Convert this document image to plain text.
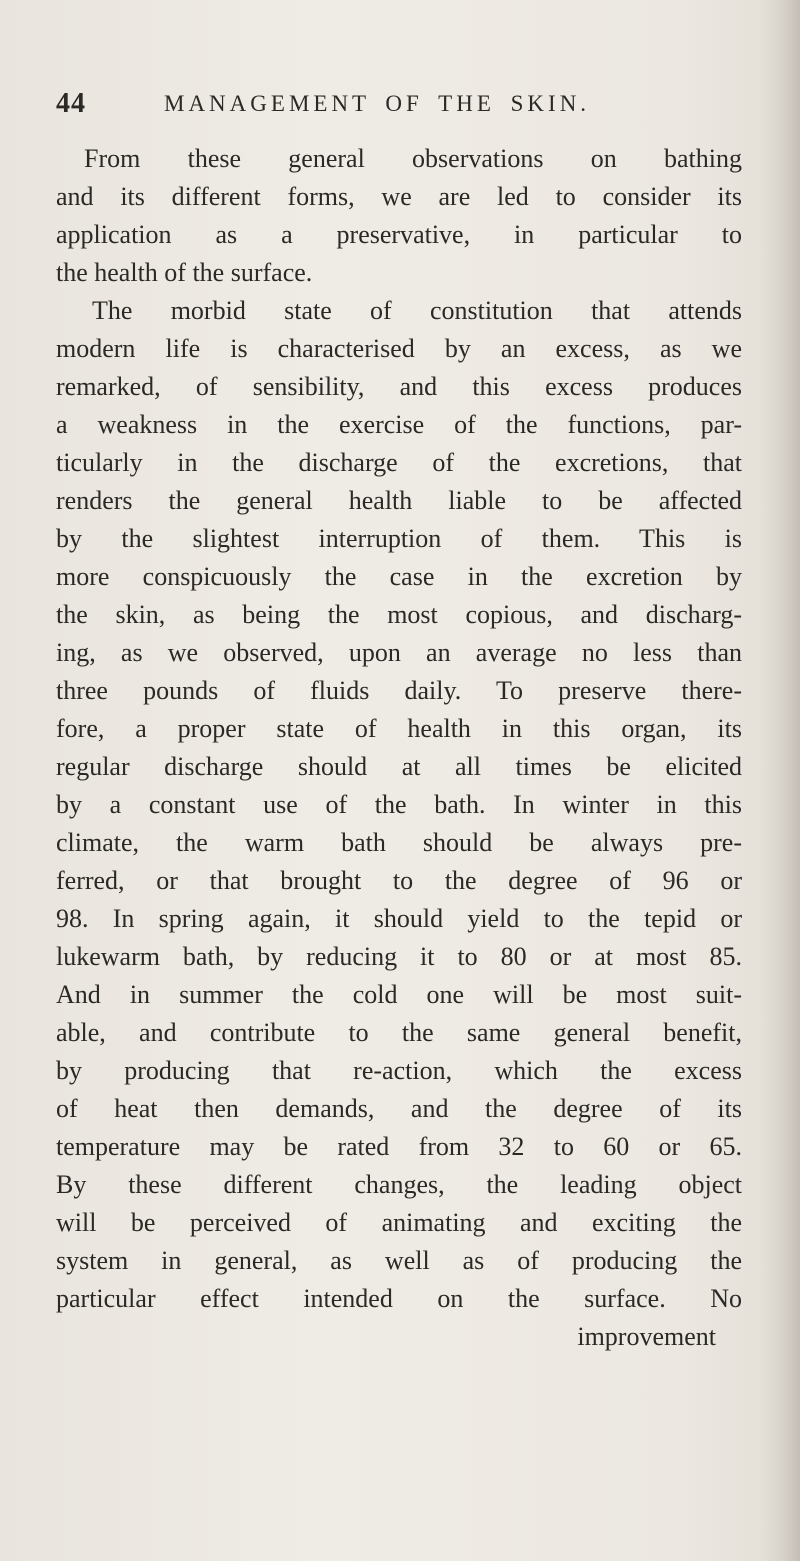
44	MANAGEMENT OF THE SKIN.
From these general observations on bathing
and its different forms, we are led to consider its
application as a preservative, in particular to
the health of the surface.
The morbid state of constitution that attends
modern life is characterised by an excess, as we
remarked, of sensibility, and this excess produces
a weakness in the exercise of the functions, par-
ticularly in the discharge of the excretions, that
renders the general health liable to be affected
by the slightest interruption of them. This is
more conspicuously the case in the excretion by
the skin, as being the most copious, and discharg-
ing, as we observed, upon an average no less than
three pounds of fluids daily. To preserve there-
fore, a proper state of health in this organ, its
regular discharge should at all times be elicited
by a constant use of the bath. In winter in this
climate, the warm bath should be always pre-
ferred, or that brought to the degree of 96 or
98. In spring again, it should yield to the tepid or
lukewarm bath, by reducing it to 80 or at most 85.
And in summer the cold one will be most suit-
able, and contribute to the same general benefit,
by producing that re-action, which the excess
of heat then demands, and the degree of its
temperature may be rated from 32 to 60 or 65.
By these different changes, the leading object
will be perceived of animating and exciting the
system in general, as well as of producing the
particular effect intended on the surface. No
improvement
